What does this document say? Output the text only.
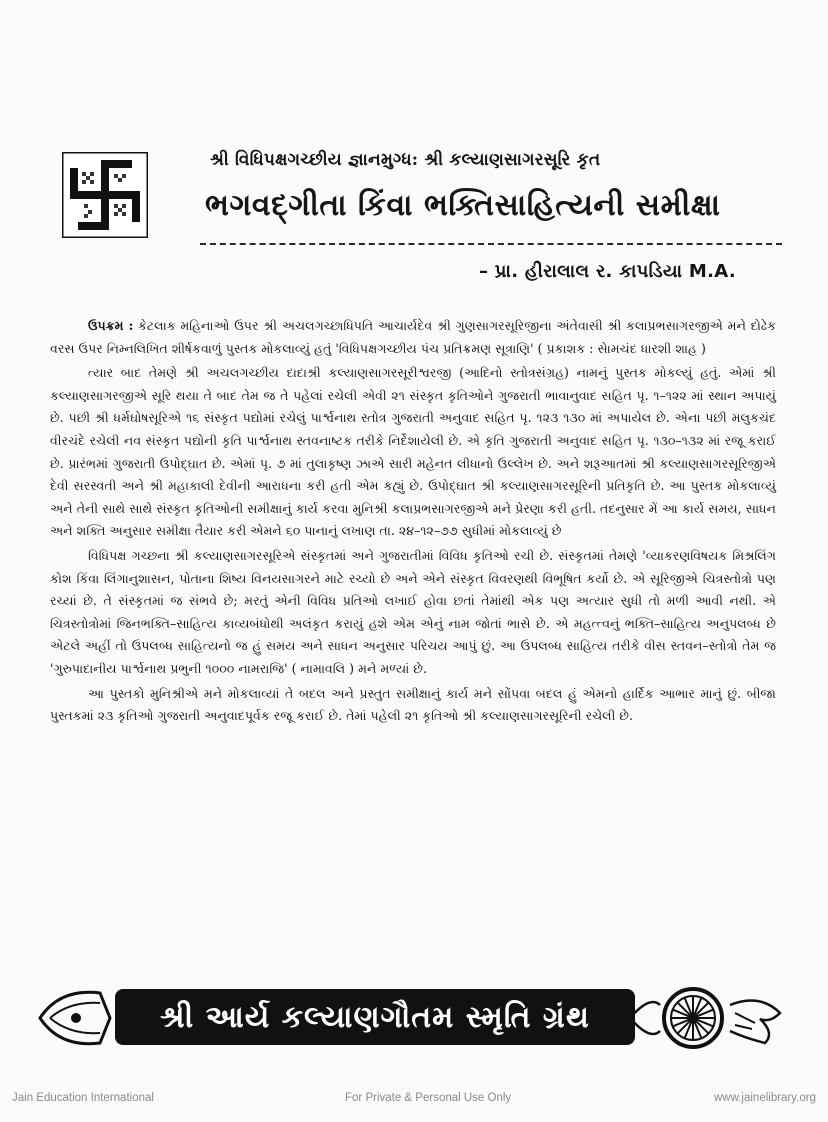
શ્રી વિધિપક્ષગચ્છીય જ્ઞાનમુગ્ધ: શ્રી કલ્યાણસાગરસૂરિ કૃત
ભગવદ્ગીતા કિંવા ભક્તિસાહિત્યની સમીક્ષા
– પ્રા. હીરાલાલ ર. કાપડિયા M.A.

ઉપક્રમ : કેટલાક મહિનાઓ ઉપર શ્રી અચલગચ્છાધિપતિ આચાર્યદેવ શ્રી ગુણસાગરસૂરિજીના અંતેવાસી શ્રી કલાપ્રભસાગરજીએ મને દોઢેક વરસ ઉપર નિમ્નલિખિત શીર્ષકવાળું પુસ્તક મોકલાવ્યું હતું 'વિધિપક્ષગચ્છીય પંચ પ્રતિક્રમણ સૂત્રાણિ' ( પ્રકાશક : સેામચંદ ધારશી શાહ )

ત્યાર બાદ તેમણે શ્રી અચલગચ્છીય દાદાશ્રી કલ્યાણસાગરસૂરીશ્વરજી (આદિનો સ્તોત્રસંગ્રહ) નામનું પુસ્તક મોકલ્યું હતું. એમાં શ્રી કલ્યાણસાગરજીએ સૂરિ થયા તે બાદ તેમ જ તે પહેલાં રચેલી એવી ૨૧ સંસ્કૃત કૃતિઓને ગુજરાતી ભાવાનુવાદ સહિત પૃ. ૧–૧૨૨ માં સ્થાન અપાયું છે. પછી શ્રી ધર્મઘોષસૂરિએ ૧૬ સંસ્કૃત પદ્યોમાં રચેલું પાર્શ્વનાથ સ્તોત્ર ગુજરાતી અનુવાદ સહિત પૃ. ૧૨૩ ૧૩૦ માં અપાયેલ છે. એના પછી મલુકચંદ વીરચંદે રચેલી નવ સંસ્કૃત પદ્યોની કૃતિ પાર્શ્વનાથ સ્તવનાષ્ટક તરીકે નિર્દેશાયેલી છે. એ કૃતિ ગુજરાતી અનુવાદ સહિત પૃ. ૧૩૦–૧૩૨ માં રજૂ કરાઈ છે. પ્રારંભમાં ગુજરાતી ઉપોદ્ઘાત છે. એમાં પૃ. ૭ માં તુલાકૃષ્ણ ઝાએ સારી મહેનત લીધાનો ઉલ્લેખ છે. અને શરૂઆતમાં શ્રી કલ્યાણસાગરસૂરિજીએ દેવી સરસ્વતી અને શ્રી મહાકાલી દેવીની આરાધના કરી હતી એમ કહ્યું છે. ઉપોદ્ઘાત શ્રી કલ્યાણસાગરસૂરિની પ્રતિકૃતિ છે. આ પુસ્તક મોકલાવ્યું અને તેની સાથે સાથે સંસ્કૃત કૃતિઓની સમીક્ષાનું કાર્ય કરવા મુનિશ્રી કલાપ્રભસાગરજીએ મને પ્રેરણા કરી હતી. તદનુસાર મેં આ કાર્ય સમય, સાધન અને શક્તિ અનુસાર સમીક્ષા તૈયાર કરી એમને ૬૦ પાનાનું લખાણ તા. ૨૪–૧૨–૭૭ સુધીમાં મોકલાવ્યું છે

વિધિપક્ષ ગચ્છના શ્રી કલ્યાણસાગરસૂરિએ સંસ્કૃતમાં અને ગુજરાતીમાં વિવિધ કૃતિઓ રચી છે. સંસ્કૃતમાં તેમણે 'વ્યાકરણવિષયક મિશ્રલિંગ કોશ કિંવા લિંગાનુશાસન, પોતાના શિષ્ય વિનયસાગરને માટે રચ્યો છે અને એને સંસ્કૃત વિવરણથી વિભૂષિત કર્યો છે. એ સૂરિજીએ ચિત્રસ્તોત્રો પણ રચ્યાં છે. તે સંસ્કૃતમાં જ સંભવે છે; મરતું એની વિવિધ પ્રતિઓ લખાઈ હોવા છતાં તેમાંથી એક પણ અત્યાર સુધી તો મળી આવી નથી. એ ચિત્રસ્તોત્રોમાં જિનભક્તિ–સાહિત્ય કાવ્યબંધોથી અલંકૃત કરાયું હશે એમ એનું નામ જોતાં ભાસે છે. એ મહત્ત્વનું ભક્તિ–સાહિત્ય અનુપલબ્ધ છે એટલે અહીં તો ઉપલબ્ધ સાહિત્યનો જ હું સમય અને સાધન અનુસાર પરિચય આપું છું. આ ઉપલબ્ધ સાહિત્ય તરીકે વીસ સ્તવન–સ્તોત્રો તેમ જ 'ગુરુપાદાનીય પાર્શ્વનાથ પ્રભુની ૧૦૦૦ નામરાજિ' ( નામાવલિ ) મને મળ્યાં છે.

આ પુસ્તકો મુનિશ્રીએ મને મોકલાવ્યાં તે બદલ અને પ્રસ્તુત સમીક્ષાનું કાર્ય મને સોંપવા બદલ હું એમનો હાર્દિક આભાર માનું છું. બીજા પુસ્તકમાં ૨૩ કૃતિઓ ગુજરાતી અનુવાદપૂર્વક રજૂ કરાઈ છે. તેમાં પહેલી ૨૧ કૃતિઓ શ્રી કલ્યાણસાગરસૂરિની રચેલી છે.

શ્રી આર્ય કલ્યાણગૌતમ સ્મૃતિ ગ્રંથ
Jain Education International	For Private & Personal Use Only	www.jainelibrary.org
